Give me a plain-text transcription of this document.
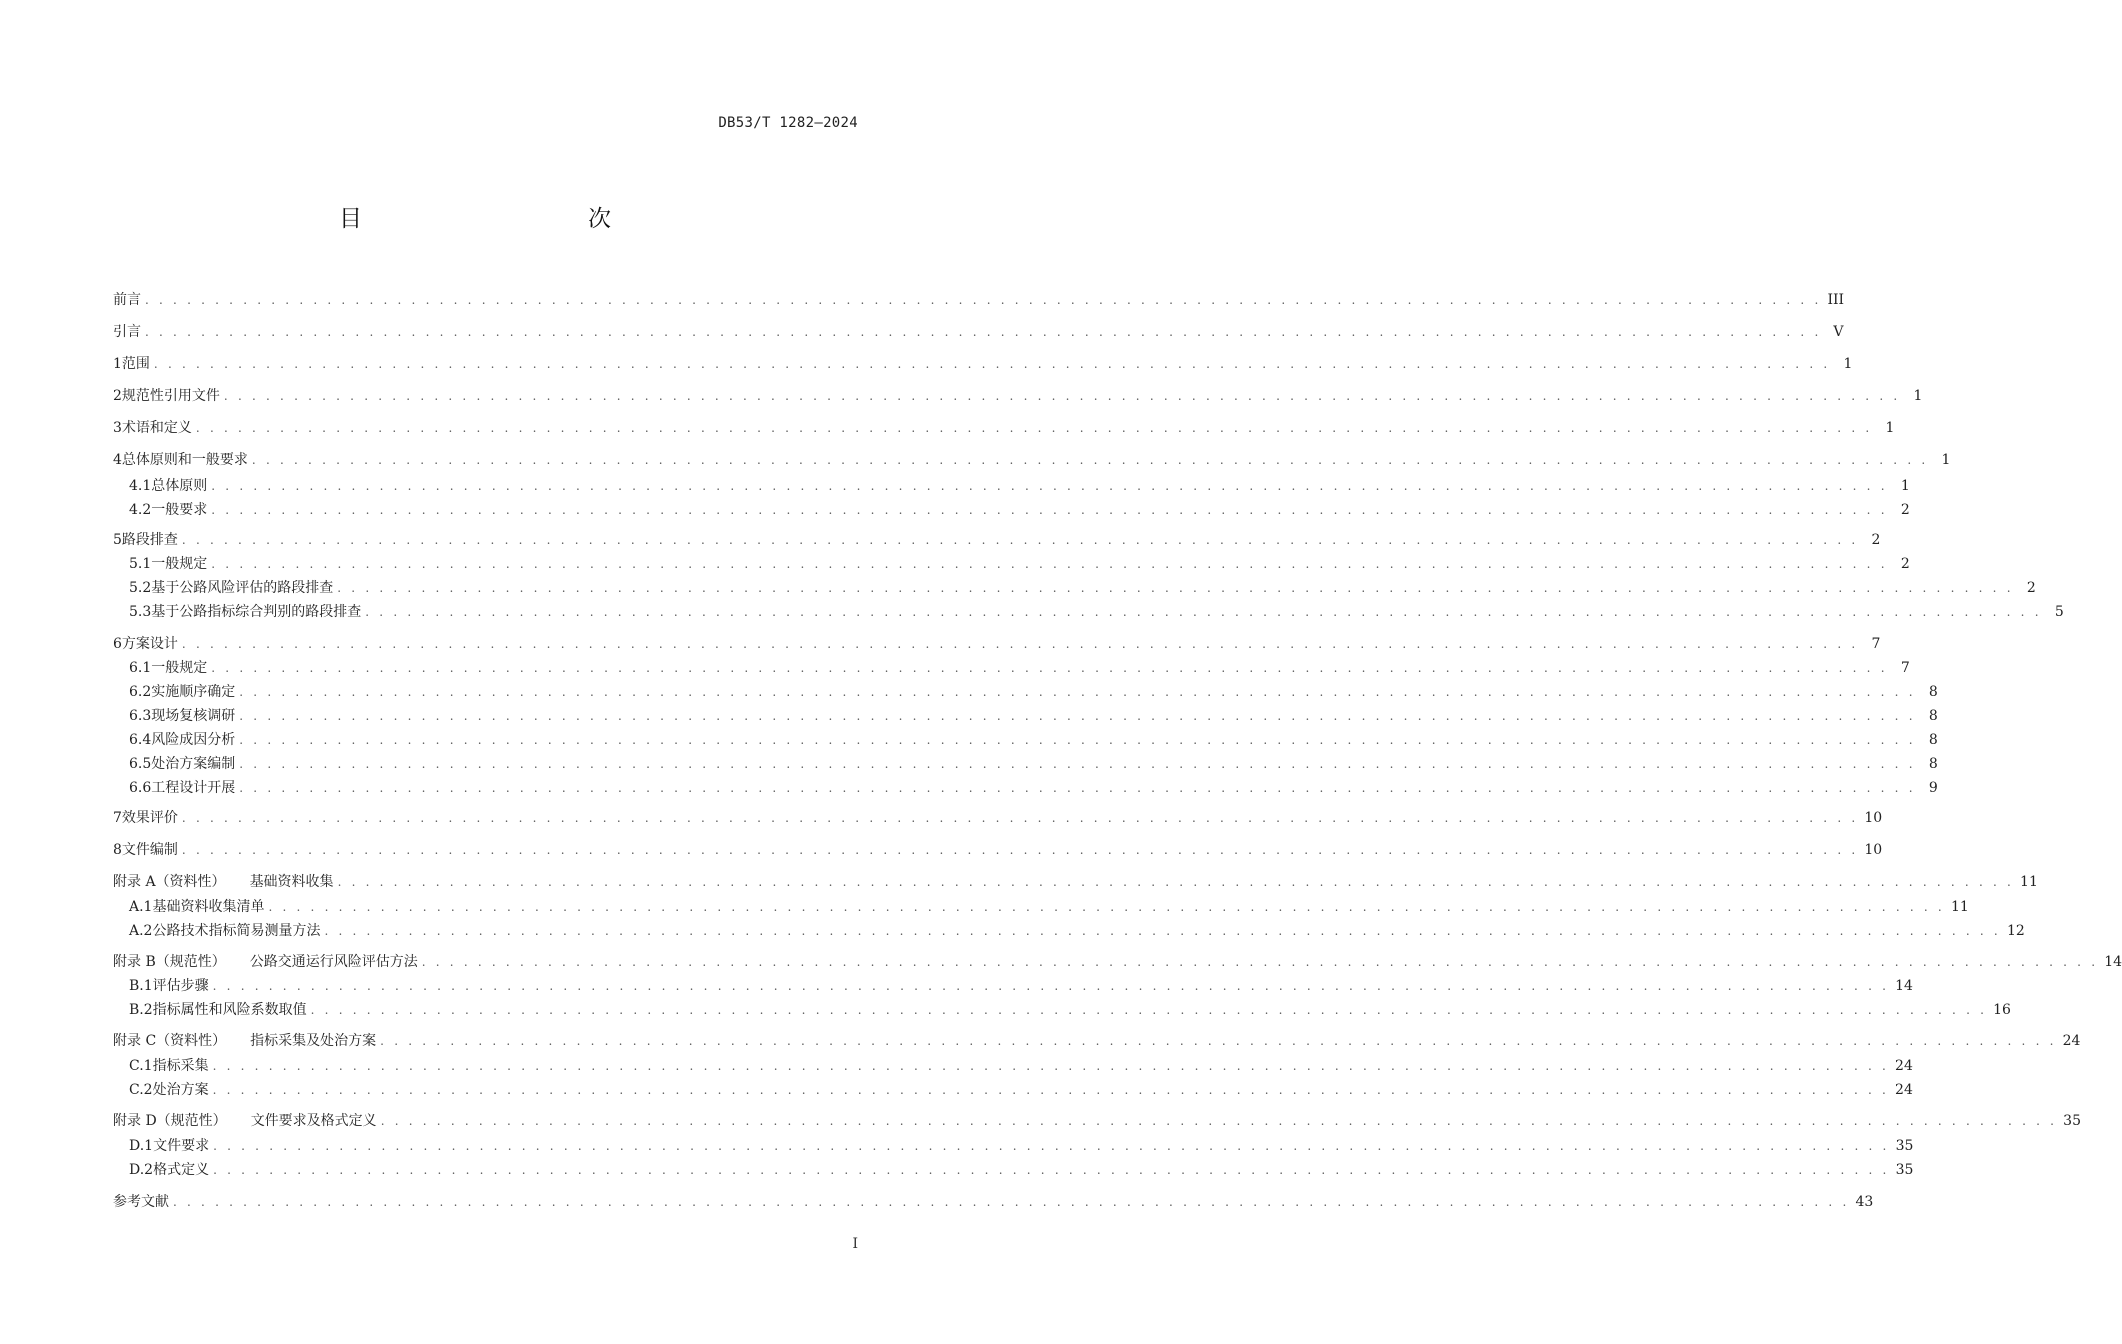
DB53/T 1282—2024
目　　次
前言 . . . . . . . . . . . . . . . . . . . . . . . . . . . . . . . . . . . . . . . . . . . . . . . . . . . . . . . . . . . . . . . . . . . . . . . . . . . . . . . . . . . . . . . . . . . . . . . . . . . . . . . . . . . . . . . . . . . . . . . . III
引言 . . . . . . . . . . . . . . . . . . . . . . . . . . . . . . . . . . . . . . . . . . . . . . . . . . . . . . . . . . . . . . . . . . . . . . . . . . . . . . . . . . . . . . . . . . . . . . . . . . . . . . . . . . . . . . . . . . . . . . . . V
1 范围 . . . . . . . . . . . . . . . . . . . . . . . . . . . . . . . . . . . . . . . . . . . . . . . . . . . . . . . . . . . . . . . . . . . . . . . . . . . . . . . . . . . . . . . . . . . . . . . . . . . . . . . . . . . . . . . . . . . . . . . . 1
2 规范性引用文件 . . . . . . . . . . . . . . . . . . . . . . . . . . . . . . . . . . . . . . . . . . . . . . . . . . . . . . . . . . . . . . . . . . . . . . . . . . . . . . . . . . . . . . . . . . . . . . . . . . . . . . . . . . . . . . . . . . . . . . . . 1
3 术语和定义 . . . . . . . . . . . . . . . . . . . . . . . . . . . . . . . . . . . . . . . . . . . . . . . . . . . . . . . . . . . . . . . . . . . . . . . . . . . . . . . . . . . . . . . . . . . . . . . . . . . . . . . . . . . . . . . . . . . . . . . . 1
4 总体原则和一般要求 . . . . . . . . . . . . . . . . . . . . . . . . . . . . . . . . . . . . . . . . . . . . . . . . . . . . . . . . . . . . . . . . . . . . . . . . . . . . . . . . . . . . . . . . . . . . . . . . . . . . . . . . . . . . . . . . . . . . . . . . 1
4.1 总体原则 . . . . . . . . . . . . . . . . . . . . . . . . . . . . . . . . . . . . . . . . . . . . . . . . . . . . . . . . . . . . . . . . . . . . . . . . . . . . . . . . . . . . . . . . . . . . . . . . . . . . . . . . . . . . . . . . . . . . . . . . 1
4.2 一般要求 . . . . . . . . . . . . . . . . . . . . . . . . . . . . . . . . . . . . . . . . . . . . . . . . . . . . . . . . . . . . . . . . . . . . . . . . . . . . . . . . . . . . . . . . . . . . . . . . . . . . . . . . . . . . . . . . . . . . . . . . 2
5 路段排查 . . . . . . . . . . . . . . . . . . . . . . . . . . . . . . . . . . . . . . . . . . . . . . . . . . . . . . . . . . . . . . . . . . . . . . . . . . . . . . . . . . . . . . . . . . . . . . . . . . . . . . . . . . . . . . . . . . . . . . . . 2
5.1 一般规定 . . . . . . . . . . . . . . . . . . . . . . . . . . . . . . . . . . . . . . . . . . . . . . . . . . . . . . . . . . . . . . . . . . . . . . . . . . . . . . . . . . . . . . . . . . . . . . . . . . . . . . . . . . . . . . . . . . . . . . . . 2
5.2 基于公路风险评估的路段排查 . . . . . . . . . . . . . . . . . . . . . . . . . . . . . . . . . . . . . . . . . . . . . . . . . . . . . . . . . . . . . . . . . . . . . . . . . . . . . . . . . . . . . . . . . . . . . . . . . . . . . . . . . . . . . . . . . . . . . . . . 2
5.3 基于公路指标综合判别的路段排查 . . . . . . . . . . . . . . . . . . . . . . . . . . . . . . . . . . . . . . . . . . . . . . . . . . . . . . . . . . . . . . . . . . . . . . . . . . . . . . . . . . . . . . . . . . . . . . . . . . . . . . . . . . . . . . . . . . . . . . . . 5
6 方案设计 . . . . . . . . . . . . . . . . . . . . . . . . . . . . . . . . . . . . . . . . . . . . . . . . . . . . . . . . . . . . . . . . . . . . . . . . . . . . . . . . . . . . . . . . . . . . . . . . . . . . . . . . . . . . . . . . . . . . . . . . 7
6.1 一般规定 . . . . . . . . . . . . . . . . . . . . . . . . . . . . . . . . . . . . . . . . . . . . . . . . . . . . . . . . . . . . . . . . . . . . . . . . . . . . . . . . . . . . . . . . . . . . . . . . . . . . . . . . . . . . . . . . . . . . . . . . 7
6.2 实施顺序确定 . . . . . . . . . . . . . . . . . . . . . . . . . . . . . . . . . . . . . . . . . . . . . . . . . . . . . . . . . . . . . . . . . . . . . . . . . . . . . . . . . . . . . . . . . . . . . . . . . . . . . . . . . . . . . . . . . . . . . . . . 8
6.3 现场复核调研 . . . . . . . . . . . . . . . . . . . . . . . . . . . . . . . . . . . . . . . . . . . . . . . . . . . . . . . . . . . . . . . . . . . . . . . . . . . . . . . . . . . . . . . . . . . . . . . . . . . . . . . . . . . . . . . . . . . . . . . . 8
6.4 风险成因分析 . . . . . . . . . . . . . . . . . . . . . . . . . . . . . . . . . . . . . . . . . . . . . . . . . . . . . . . . . . . . . . . . . . . . . . . . . . . . . . . . . . . . . . . . . . . . . . . . . . . . . . . . . . . . . . . . . . . . . . . . 8
6.5 处治方案编制 . . . . . . . . . . . . . . . . . . . . . . . . . . . . . . . . . . . . . . . . . . . . . . . . . . . . . . . . . . . . . . . . . . . . . . . . . . . . . . . . . . . . . . . . . . . . . . . . . . . . . . . . . . . . . . . . . . . . . . . . 8
6.6 工程设计开展 . . . . . . . . . . . . . . . . . . . . . . . . . . . . . . . . . . . . . . . . . . . . . . . . . . . . . . . . . . . . . . . . . . . . . . . . . . . . . . . . . . . . . . . . . . . . . . . . . . . . . . . . . . . . . . . . . . . . . . . . 9
7 效果评价 . . . . . . . . . . . . . . . . . . . . . . . . . . . . . . . . . . . . . . . . . . . . . . . . . . . . . . . . . . . . . . . . . . . . . . . . . . . . . . . . . . . . . . . . . . . . . . . . . . . . . . . . . . . . . . . . . . . . . . . . 10
8 文件编制 . . . . . . . . . . . . . . . . . . . . . . . . . . . . . . . . . . . . . . . . . . . . . . . . . . . . . . . . . . . . . . . . . . . . . . . . . . . . . . . . . . . . . . . . . . . . . . . . . . . . . . . . . . . . . . . . . . . . . . . . 10
附录 A（资料性） 基础资料收集 . . . . . . . . . . . . . . . . . . . . . . . . . . . . . . . . . . . . . . . . . . . . . . . . . . . . . . . . . . . . . . . . . . . . . . . . . . . . . . . . . . . . . . . . . . . . . . . . . . . . . . . . . . . . . . . . . . . . . . . . 11
A.1 基础资料收集清单 . . . . . . . . . . . . . . . . . . . . . . . . . . . . . . . . . . . . . . . . . . . . . . . . . . . . . . . . . . . . . . . . . . . . . . . . . . . . . . . . . . . . . . . . . . . . . . . . . . . . . . . . . . . . . . . . . . . . . . . . 11
A.2 公路技术指标简易测量方法 . . . . . . . . . . . . . . . . . . . . . . . . . . . . . . . . . . . . . . . . . . . . . . . . . . . . . . . . . . . . . . . . . . . . . . . . . . . . . . . . . . . . . . . . . . . . . . . . . . . . . . . . . . . . . . . . . . . . . . . . 12
附录 B（规范性） 公路交通运行风险评估方法 . . . . . . . . . . . . . . . . . . . . . . . . . . . . . . . . . . . . . . . . . . . . . . . . . . . . . . . . . . . . . . . . . . . . . . . . . . . . . . . . . . . . . . . . . . . . . . . . . . . . . . . . . . . . . . . . . . . . . . . . 14
B.1 评估步骤 . . . . . . . . . . . . . . . . . . . . . . . . . . . . . . . . . . . . . . . . . . . . . . . . . . . . . . . . . . . . . . . . . . . . . . . . . . . . . . . . . . . . . . . . . . . . . . . . . . . . . . . . . . . . . . . . . . . . . . . . 14
B.2 指标属性和风险系数取值 . . . . . . . . . . . . . . . . . . . . . . . . . . . . . . . . . . . . . . . . . . . . . . . . . . . . . . . . . . . . . . . . . . . . . . . . . . . . . . . . . . . . . . . . . . . . . . . . . . . . . . . . . . . . . . . . . . . . . . . . 16
附录 C（资料性） 指标采集及处治方案 . . . . . . . . . . . . . . . . . . . . . . . . . . . . . . . . . . . . . . . . . . . . . . . . . . . . . . . . . . . . . . . . . . . . . . . . . . . . . . . . . . . . . . . . . . . . . . . . . . . . . . . . . . . . . . . . . . . . . . . . 24
C.1 指标采集 . . . . . . . . . . . . . . . . . . . . . . . . . . . . . . . . . . . . . . . . . . . . . . . . . . . . . . . . . . . . . . . . . . . . . . . . . . . . . . . . . . . . . . . . . . . . . . . . . . . . . . . . . . . . . . . . . . . . . . . . 24
C.2 处治方案 . . . . . . . . . . . . . . . . . . . . . . . . . . . . . . . . . . . . . . . . . . . . . . . . . . . . . . . . . . . . . . . . . . . . . . . . . . . . . . . . . . . . . . . . . . . . . . . . . . . . . . . . . . . . . . . . . . . . . . . . 24
附录 D（规范性） 文件要求及格式定义 . . . . . . . . . . . . . . . . . . . . . . . . . . . . . . . . . . . . . . . . . . . . . . . . . . . . . . . . . . . . . . . . . . . . . . . . . . . . . . . . . . . . . . . . . . . . . . . . . . . . . . . . . . . . . . . . . . . . . . . . 35
D.1 文件要求 . . . . . . . . . . . . . . . . . . . . . . . . . . . . . . . . . . . . . . . . . . . . . . . . . . . . . . . . . . . . . . . . . . . . . . . . . . . . . . . . . . . . . . . . . . . . . . . . . . . . . . . . . . . . . . . . . . . . . . . . 35
D.2 格式定义 . . . . . . . . . . . . . . . . . . . . . . . . . . . . . . . . . . . . . . . . . . . . . . . . . . . . . . . . . . . . . . . . . . . . . . . . . . . . . . . . . . . . . . . . . . . . . . . . . . . . . . . . . . . . . . . . . . . . . . . . 35
参考文献 . . . . . . . . . . . . . . . . . . . . . . . . . . . . . . . . . . . . . . . . . . . . . . . . . . . . . . . . . . . . . . . . . . . . . . . . . . . . . . . . . . . . . . . . . . . . . . . . . . . . . . . . . . . . . . . . . . . . . . . . 43
I
